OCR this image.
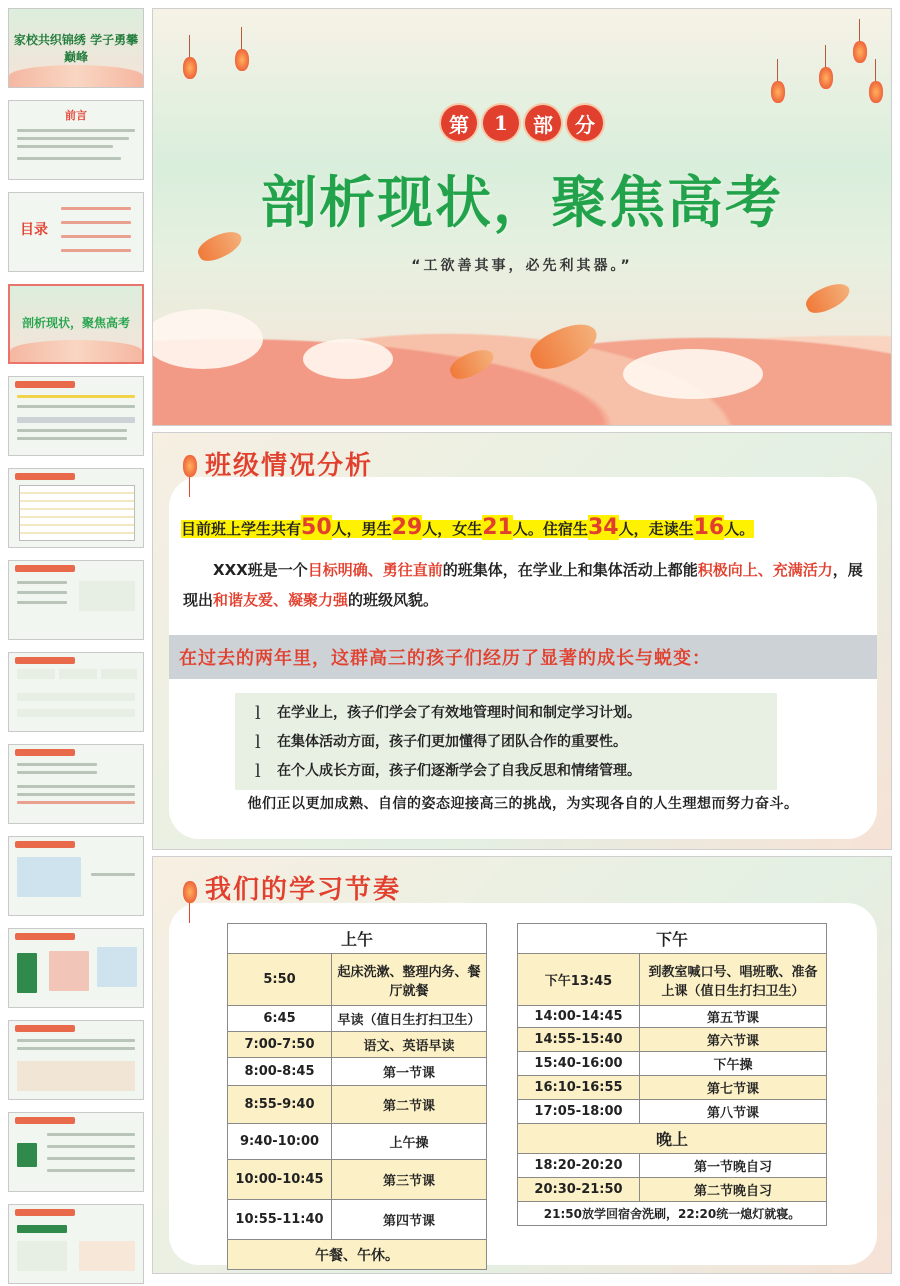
家校共织锦绣 学子勇攀巅峰
前言
目录
剖析现状，聚焦高考
第	1	部	分
剖析现状，聚焦高考
“工欲善其事，必先利其器。”
班级情况分析
目前班上学生共有50人，男生29人，女生21人。住宿生34人，走读生16人。
XXX班是一个目标明确、勇往直前的班集体，在学业上和集体活动上都能积极向上、充满活力，展现出和谐友爱、凝聚力强的班级风貌。
在过去的两年里，这群高三的孩子们经历了显著的成长与蜕变：
l	在学业上，孩子们学会了有效地管理时间和制定学习计划。
l	在集体活动方面，孩子们更加懂得了团队合作的重要性。
l	在个人成长方面，孩子们逐渐学会了自我反思和情绪管理。
他们正以更加成熟、自信的姿态迎接高三的挑战，为实现各自的人生理想而努力奋斗。
我们的学习节奏
上午	
5:50	起床洗漱、整理内务、餐厅就餐
6:45	早读（值日生打扫卫生）
7:00-7:50	语文、英语早读
8:00-8:45	第一节课
8:55-9:40	第二节课
9:40-10:00	上午操
10:00-10:45	第三节课
10:55-11:40	第四节课
午餐、午休。	
下午	
下午13:45	到教室喊口号、唱班歌、准备上课（值日生打扫卫生）
14:00-14:45	第五节课
14:55-15:40	第六节课
15:40-16:00	下午操
16:10-16:55	第七节课
17:05-18:00	第八节课
晚上	
18:20-20:20	第一节晚自习
20:30-21:50	第二节晚自习
21:50放学回宿舍洗刷，22:20统一熄灯就寝。	
